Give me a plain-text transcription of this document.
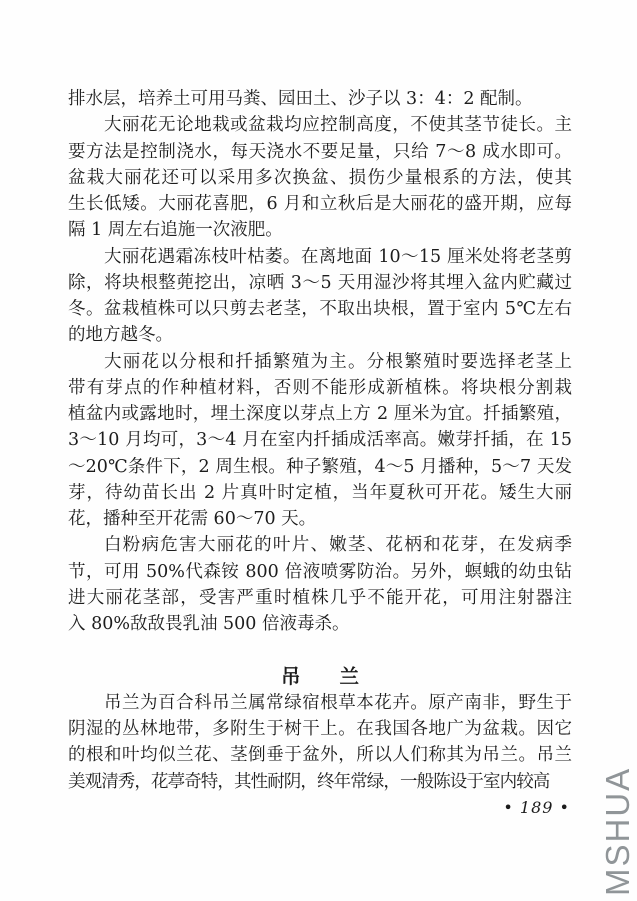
排水层，培养土可用马粪、园田土、沙子以 3：4：2 配制。
大丽花无论地栽或盆栽均应控制高度，不使其茎节徒长。主
要方法是控制浇水，每天浇水不要足量，只给 7～8 成水即可。
盆栽大丽花还可以采用多次换盆、损伤少量根系的方法，使其
生长低矮。大丽花喜肥，6 月和立秋后是大丽花的盛开期，应每
隔 1 周左右追施一次液肥。
大丽花遇霜冻枝叶枯萎。在离地面 10～15 厘米处将老茎剪
除，将块根整蔸挖出，凉晒 3～5 天用湿沙将其埋入盆内贮藏过
冬。盆栽植株可以只剪去老茎，不取出块根，置于室内 5℃左右
的地方越冬。
大丽花以分根和扦插繁殖为主。分根繁殖时要选择老茎上
带有芽点的作种植材料，否则不能形成新植株。将块根分割栽
植盆内或露地时，埋土深度以芽点上方 2 厘米为宜。扦插繁殖，
3～10 月均可，3～4 月在室内扦插成活率高。嫩芽扦插，在 15
～20℃条件下，2 周生根。种子繁殖，4～5 月播种，5～7 天发
芽，待幼苗长出 2 片真叶时定植，当年夏秋可开花。矮生大丽
花，播种至开花需 60～70 天。
白粉病危害大丽花的叶片、嫩茎、花柄和花芽，在发病季
节，可用 50%代森铵 800 倍液喷雾防治。另外，螟蛾的幼虫钻
进大丽花茎部，受害严重时植株几乎不能开花，可用注射器注
入 80%敌敌畏乳油 500 倍液毒杀。
吊　　兰
吊兰为百合科吊兰属常绿宿根草本花卉。原产南非，野生于
阴湿的丛林地带，多附生于树干上。在我国各地广为盆栽。因它
的根和叶均似兰花、茎倒垂于盆外，所以人们称其为吊兰。吊兰
美观清秀，花葶奇特，其性耐阴，终年常绿，一般陈设于室内较高
• 189 • MSHUA
